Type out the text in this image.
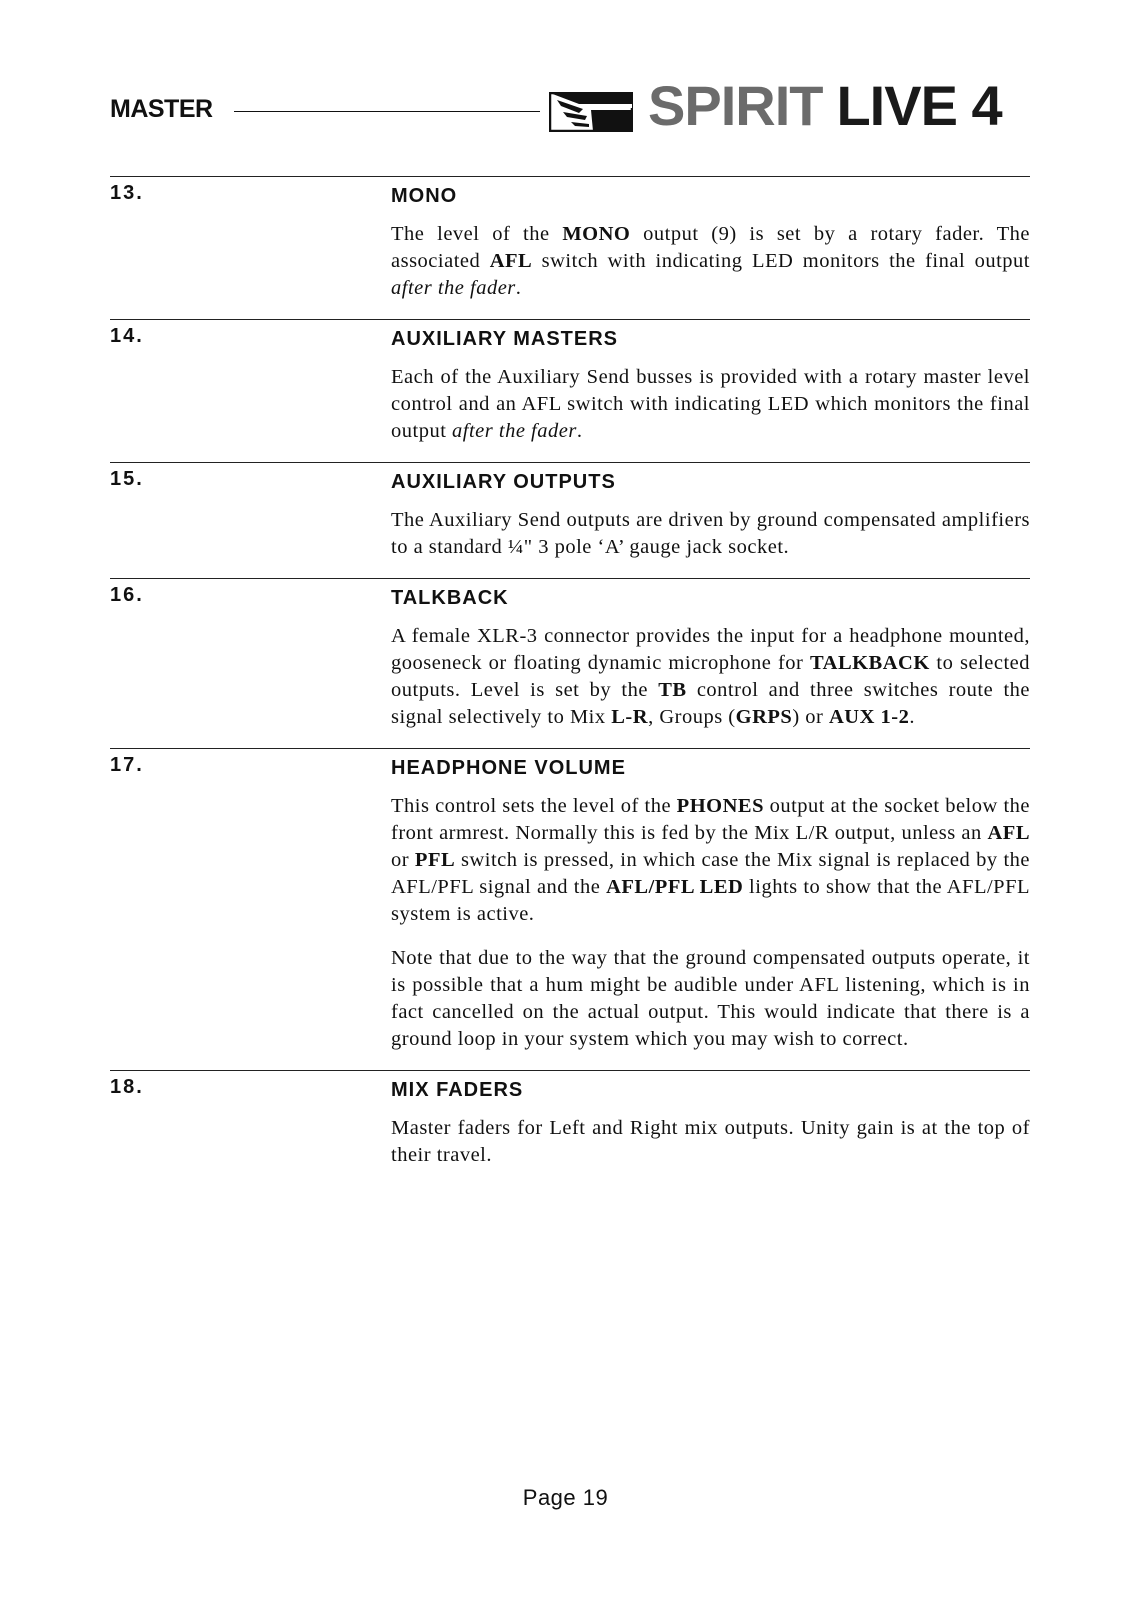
MASTER	SPIRIT LIVE 4
13.	MONO

The level of the MONO output (9) is set by a rotary fader. The associated AFL switch with indicating LED monitors the final output after the fader.

14.	AUXILIARY MASTERS

Each of the Auxiliary Send busses is provided with a rotary master level control and an AFL switch with indicating LED which monitors the final output after the fader.

15.	AUXILIARY OUTPUTS

The Auxiliary Send outputs are driven by ground compensated amplifiers to a standard ¼" 3 pole ‘A’ gauge jack socket.

16.	TALKBACK

A female XLR-3 connector provides the input for a headphone mounted, gooseneck or floating dynamic microphone for TALKBACK to selected outputs. Level is set by the TB control and three switches route the signal selectively to Mix L-R, Groups (GRPS) or AUX 1-2.

17.	HEADPHONE VOLUME

This control sets the level of the PHONES output at the socket below the front armrest. Normally this is fed by the Mix L/R output, unless an AFL or PFL switch is pressed, in which case the Mix signal is replaced by the AFL/PFL signal and the AFL/PFL LED lights to show that the AFL/PFL system is active.

Note that due to the way that the ground compensated outputs operate, it is possible that a hum might be audible under AFL listening, which is in fact cancelled on the actual output. This would indicate that there is a ground loop in your system which you may wish to correct.

18.	MIX FADERS

Master faders for Left and Right mix outputs. Unity gain is at the top of their travel.

Page 19
